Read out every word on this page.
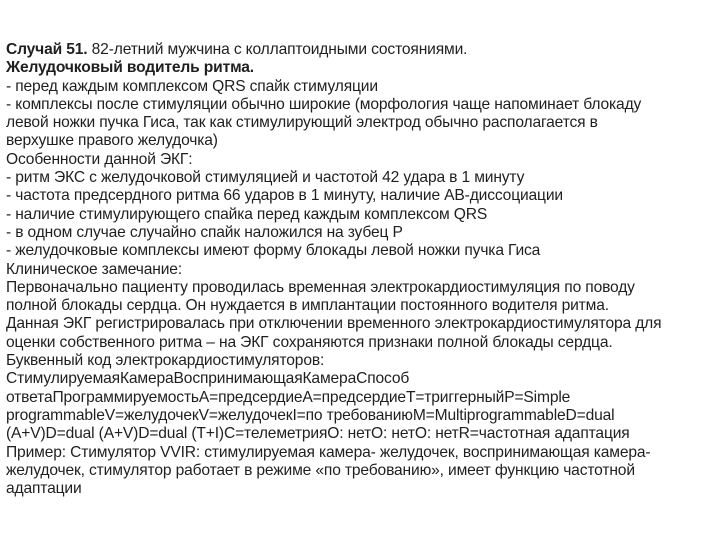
Случай 51. 82-летний мужчина с коллаптоидными состояниями.
Желудочковый водитель ритма.
- перед каждым комплексом QRS спайк стимуляции
- комплексы после стимуляции обычно широкие (морфология чаще напоминает блокаду
левой ножки пучка Гиса, так как стимулирующий электрод обычно располагается в
верхушке правого желудочка)
Особенности данной ЭКГ:
- ритм ЭКС с желудочковой стимуляцией и частотой 42 удара в 1 минуту
- частота предсердного ритма 66 ударов в 1 минуту, наличие АВ-диссоциации
- наличие стимулирующего спайка перед каждым комплексом QRS
- в одном случае случайно спайк наложился на зубец Р
- желудочковые комплексы имеют форму блокады левой ножки пучка Гиса
Клиническое замечание:
Первоначально пациенту проводилась временная электрокардиостимуляция по поводу
полной блокады сердца. Он нуждается в имплантации постоянного водителя ритма.
Данная ЭКГ регистрировалась при отключении временного электрокардиостимулятора для
оценки собственного ритма – на ЭКГ сохраняются признаки полной блокады сердца.
Буквенный код электрокардиостимуляторов:
СтимулируемаяКамераВоспринимающаяКамераСпособ
ответаПрограммируемостьA=предсердиеA=предсердиеT=триггерныйP=Simple
programmableV=желудочекV=желудочекI=по требованиюM=MultiprogrammableD=dual
(A+V)D=dual (A+V)D=dual (T+I)C=телеметрияO: нетO: нетO: нетR=частотная адаптация
Пример: Стимулятор VVIR: стимулируемая камера- желудочек, воспринимающая камера-
желудочек, стимулятор работает в режиме «по требованию», имеет функцию частотной
адаптации
